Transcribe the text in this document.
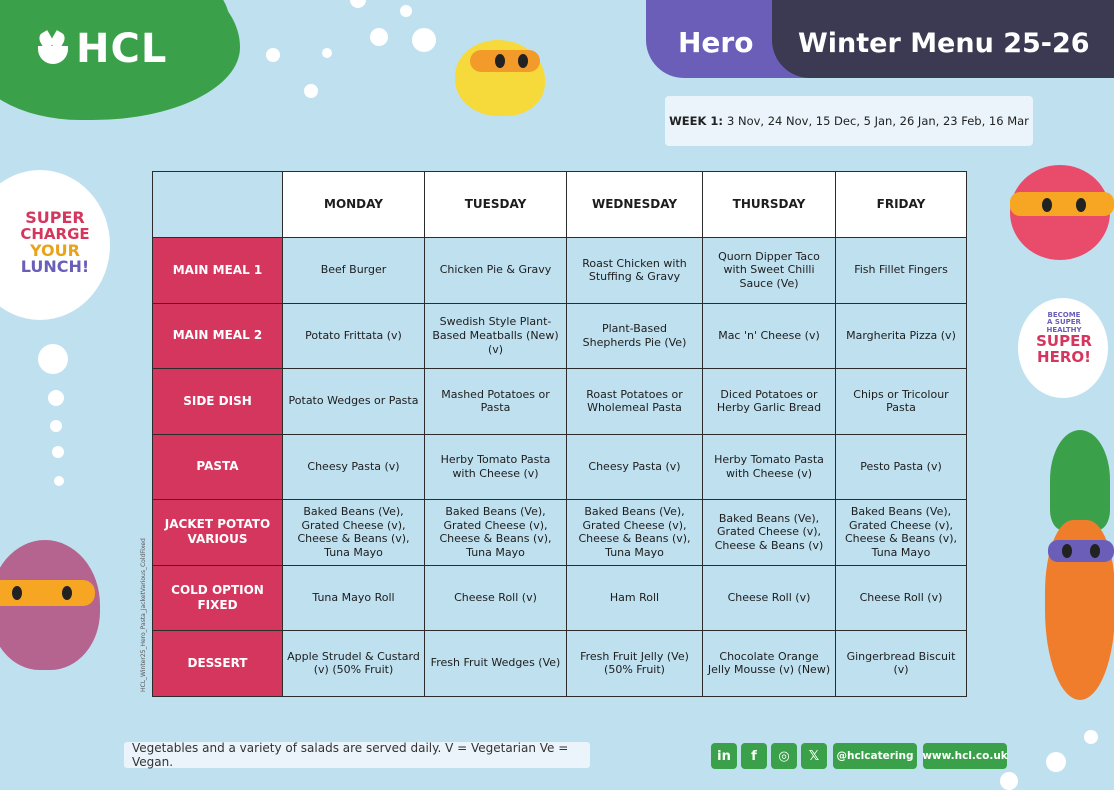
HCL	Hero Winter Menu 25-26
WEEK 1: 3 Nov, 24 Nov, 15 Dec, 5 Jan, 26 Jan, 23 Feb, 16 Mar
SUPER
CHARGE
YOUR
LUNCH!
BECOME
A SUPER
HEALTHY
SUPER
HERO!
HCL_Winter25_Hero_Pasta_JacketVarious_ColdFixed
	MONDAY	TUESDAY	WEDNESDAY	THURSDAY	FRIDAY
MAIN MEAL 1	Beef Burger	Chicken Pie & Gravy	Roast Chicken with Stuffing & Gravy	Quorn Dipper Taco with Sweet Chilli Sauce (Ve)	Fish Fillet Fingers
MAIN MEAL 2	Potato Frittata (v)	Swedish Style Plant-Based Meatballs (New) (v)	Plant-Based Shepherds Pie (Ve)	Mac 'n' Cheese (v)	Margherita Pizza (v)
SIDE DISH	Potato Wedges or Pasta	Mashed Potatoes or Pasta	Roast Potatoes or Wholemeal Pasta	Diced Potatoes or Herby Garlic Bread	Chips or Tricolour Pasta
PASTA	Cheesy Pasta (v)	Herby Tomato Pasta with Cheese (v)	Cheesy Pasta (v)	Herby Tomato Pasta with Cheese (v)	Pesto Pasta (v)
JACKET POTATO VARIOUS	Baked Beans (Ve), Grated Cheese (v), Cheese & Beans (v), Tuna Mayo	Baked Beans (Ve), Grated Cheese (v), Cheese & Beans (v), Tuna Mayo	Baked Beans (Ve), Grated Cheese (v), Cheese & Beans (v), Tuna Mayo	Baked Beans (Ve), Grated Cheese (v), Cheese & Beans (v)	Baked Beans (Ve), Grated Cheese (v), Cheese & Beans (v), Tuna Mayo
COLD OPTION FIXED	Tuna Mayo Roll	Cheese Roll (v)	Ham Roll	Cheese Roll (v)	Cheese Roll (v)
DESSERT	Apple Strudel & Custard (v) (50% Fruit)	Fresh Fruit Wedges (Ve)	Fresh Fruit Jelly (Ve) (50% Fruit)	Chocolate Orange Jelly Mousse (v) (New)	Gingerbread Biscuit (v)
Vegetables and a variety of salads are served daily. V = Vegetarian Ve = Vegan.	in	f	◎	𝕏	@hclcatering www.hcl.co.uk
